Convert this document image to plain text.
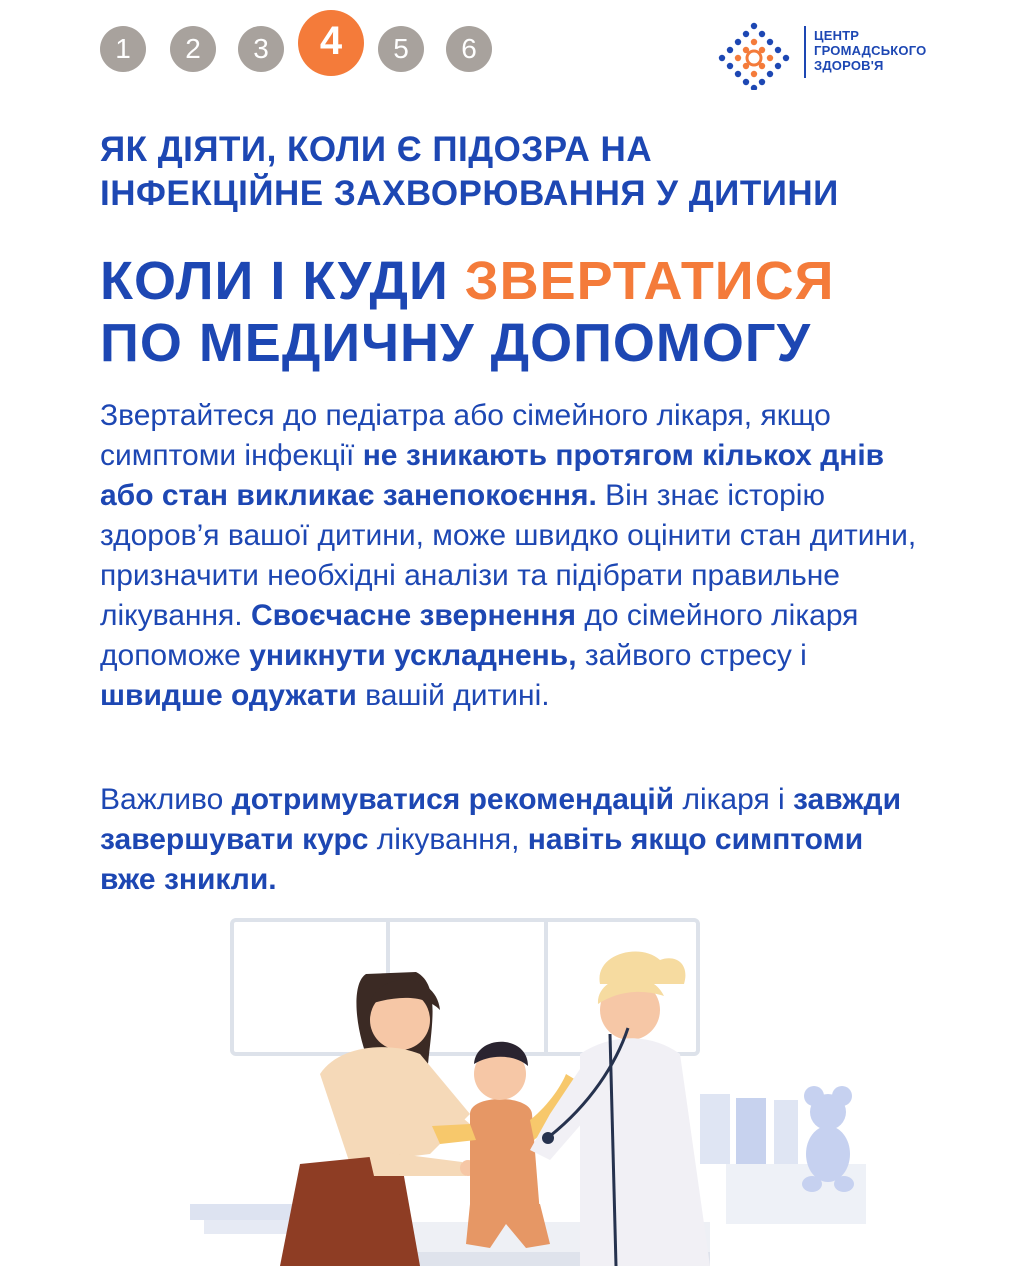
1	2	3	4	5	6	ЦЕНТР
ГРОМАДСЬКОГО
ЗДОРОВ'Я
ЯК ДІЯТИ, КОЛИ Є ПІДОЗРА НА
ІНФЕКЦІЙНЕ ЗАХВОРЮВАННЯ У ДИТИНИ
КОЛИ І КУДИ ЗВЕРТАТИСЯ
ПО МЕДИЧНУ ДОПОМОГУ
Звертайтеся до педіатра або сімейного лікаря, якщо симптоми інфекції не зникають протягом кількох днів або стан викликає занепокоєння. Він знає історію здоров’я вашої дитини, може швидко оцінити стан дитини, призначити необхідні аналізи та підібрати правильне лікування. Своєчасне звернення до сімейного лікаря допоможе уникнути ускладнень, зайвого стресу і швидше одужати вашій дитині.
Важливо дотримуватися рекомендацій лікаря і завжди завершувати курс лікування, навіть якщо симптоми вже зникли.
